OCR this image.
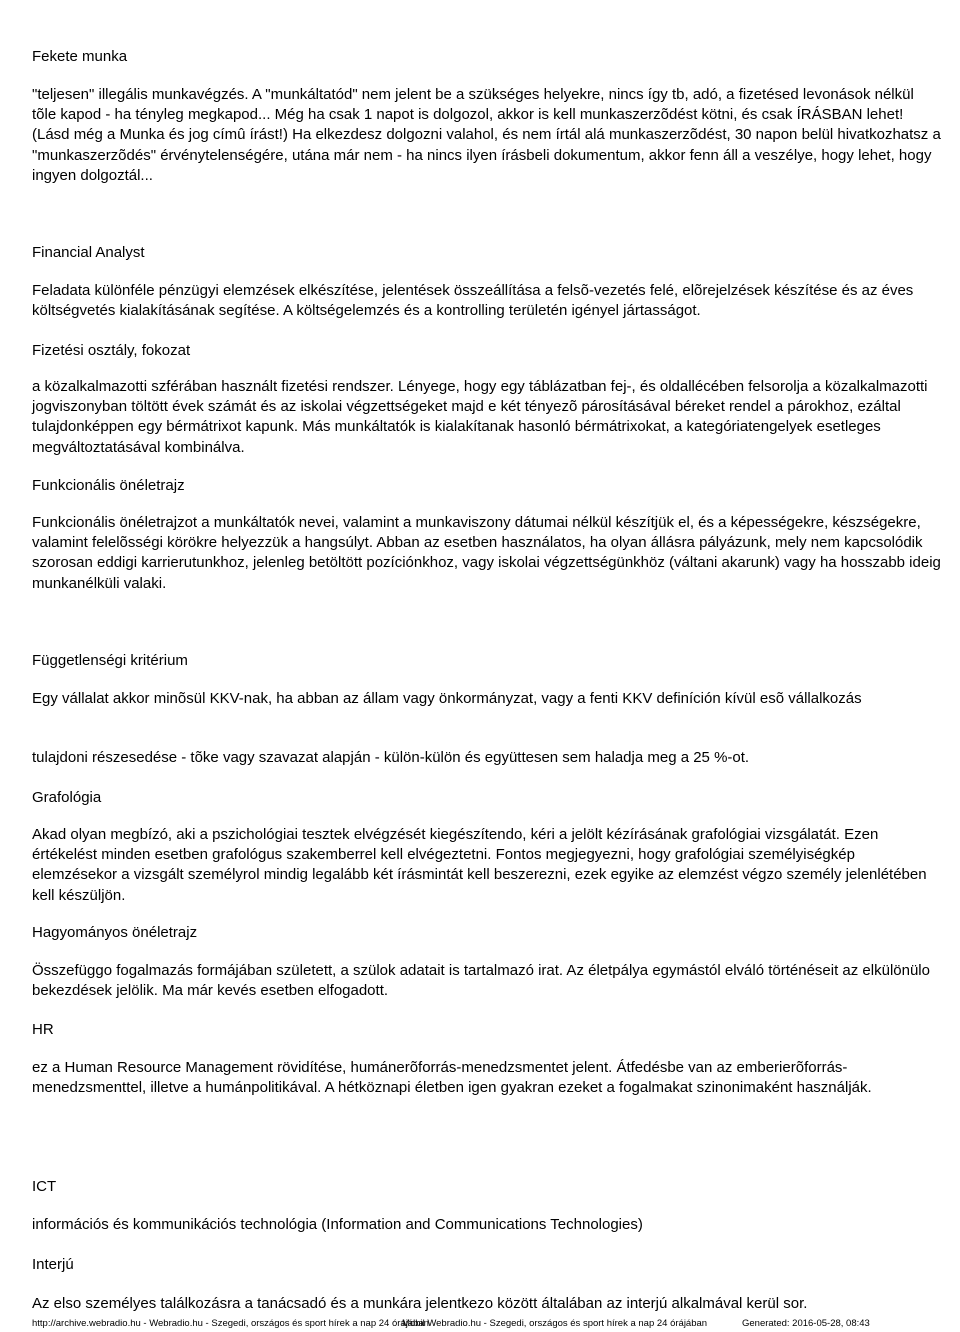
Fekete munka

"teljesen" illegális munkavégzés. A "munkáltatód" nem jelent be a szükséges helyekre, nincs így tb, adó, a fizetésed levonások nélkül tõle kapod - ha tényleg megkapod... Még ha csak 1 napot is dolgozol, akkor is kell munkaszerzõdést kötni, és csak ÍRÁSBAN lehet! (Lásd még a Munka és jog címû írást!) Ha elkezdesz dolgozni valahol, és nem írtál alá munkaszerzõdést, 30 napon belül hivatkozhatsz a "munkaszerzõdés" érvénytelenségére, utána már nem - ha nincs ilyen írásbeli dokumentum, akkor fenn áll a veszélye, hogy lehet, hogy ingyen dolgoztál...

Financial Analyst

Feladata különféle pénzügyi elemzések elkészítése, jelentések összeállítása a felsõ-vezetés felé, elõrejelzések készítése és az éves költségvetés kialakításának segítése. A költségelemzés és a kontrolling területén igényel jártasságot.

Fizetési osztály, fokozat

a közalkalmazotti szférában használt fizetési rendszer. Lényege, hogy egy táblázatban fej-, és oldallécében felsorolja a közalkalmazotti jogviszonyban töltött évek számát és az iskolai végzettségeket majd e két tényezõ párosításával béreket rendel a párokhoz, ezáltal tulajdonképpen egy bérmátrixot kapunk. Más munkáltatók is kialakítanak hasonló bérmátrixokat, a kategóriatengelyek esetleges megváltoztatásával kombinálva.

Funkcionális önéletrajz

Funkcionális önéletrajzot a munkáltatók nevei, valamint a munkaviszony dátumai nélkül készítjük el, és a képességekre, készségekre, valamint felelõsségi körökre helyezzük a hangsúlyt. Abban az esetben használatos, ha olyan állásra pályázunk, mely nem kapcsolódik szorosan eddigi karrierutunkhoz, jelenleg betöltött pozíciónkhoz, vagy iskolai végzettségünkhöz (váltani akarunk) vagy ha hosszabb ideig munkanélküli valaki.

Függetlenségi kritérium

Egy vállalat akkor minõsül KKV-nak, ha abban az állam vagy önkormányzat, vagy a fenti KKV definíción kívül esõ vállalkozás

tulajdoni részesedése - tõke vagy szavazat alapján - külön-külön és együttesen sem haladja meg a 25 %-ot.

Grafológia

Akad olyan megbízó, aki a pszichológiai tesztek elvégzését kiegészítendo, kéri a jelölt kézírásának grafológiai vizsgálatát. Ezen értékelést minden esetben grafológus szakemberrel kell elvégeztetni. Fontos megjegyezni, hogy grafológiai személyiségkép elemzésekor a vizsgált személyrol mindig legalább két írásmintát kell beszerezni, ezek egyike az elemzést végzo személy jelenlétében kell készüljön.

Hagyományos önéletrajz

Összefüggo fogalmazás formájában született, a szülok adatait is tartalmazó irat. Az életpálya egymástól elváló történéseit az elkülönülo bekezdések jelölik. Ma már kevés esetben elfogadott.

HR

ez a Human Resource Management rövidítése, humánerõforrás-menedzsmentet jelent. Átfedésbe van az emberierõforrás-menedzsmenttel, illetve a humánpolitikával. A hétköznapi életben igen gyakran ezeket a fogalmakat szinonimaként használják.

ICT

információs és kommunikációs technológia (Information and Communications Technologies)

Interjú

Az elso személyes találkozásra a tanácsadó és a munkára jelentkezo között általában az interjú alkalmával kerül sor.

http://archive.webradio.hu - Webradio.hu - Szegedi, országos és sport hírek a nap 24 órájában
Mobil Webradio.hu - Szegedi, országos és sport hírek a nap 24 órájában	Generated: 2016-05-28, 08:43
